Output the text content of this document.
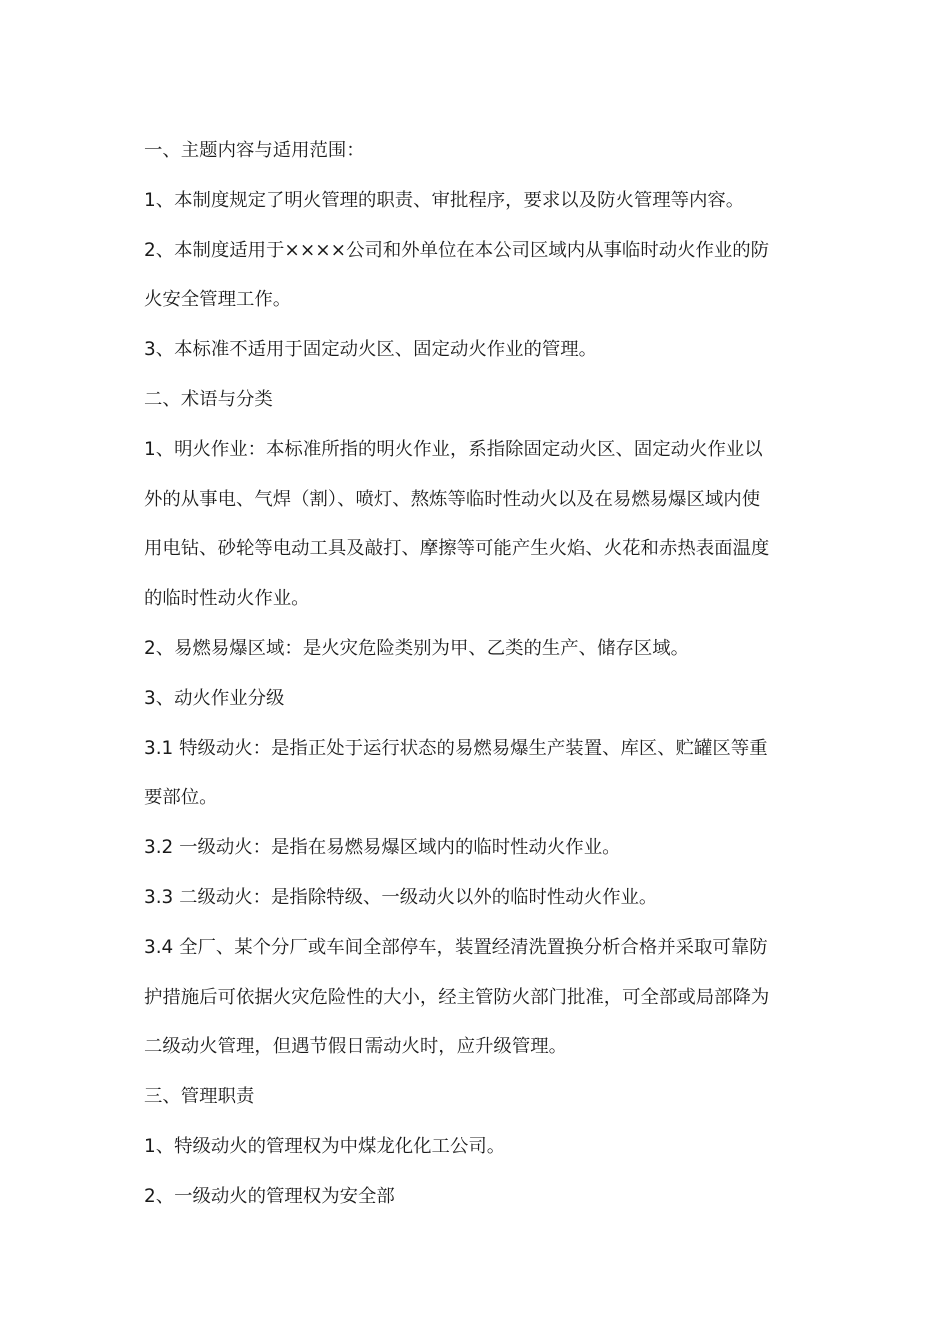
一、主题内容与适用范围：

1、本制度规定了明火管理的职责、审批程序，要求以及防火管理等内容。

2、本制度适用于××××公司和外单位在本公司区域内从事临时动火作业的防

火安全管理工作。

3、本标准不适用于固定动火区、固定动火作业的管理。

二、术语与分类

1、明火作业：本标准所指的明火作业，系指除固定动火区、固定动火作业以

外的从事电、气焊（割）、喷灯、熬炼等临时性动火以及在易燃易爆区域内使

用电钻、砂轮等电动工具及敲打、摩擦等可能产生火焰、火花和赤热表面温度

的临时性动火作业。

2、易燃易爆区域：是火灾危险类别为甲、乙类的生产、储存区域。

3、动火作业分级

3.1 特级动火：是指正处于运行状态的易燃易爆生产装置、库区、贮罐区等重

要部位。

3.2 一级动火：是指在易燃易爆区域内的临时性动火作业。

3.3 二级动火：是指除特级、一级动火以外的临时性动火作业。

3.4 全厂、某个分厂或车间全部停车，装置经清洗置换分析合格并采取可靠防

护措施后可依据火灾危险性的大小，经主管防火部门批准，可全部或局部降为

二级动火管理，但遇节假日需动火时，应升级管理。

三、管理职责

1、特级动火的管理权为中煤龙化化工公司。

2、一级动火的管理权为安全部
